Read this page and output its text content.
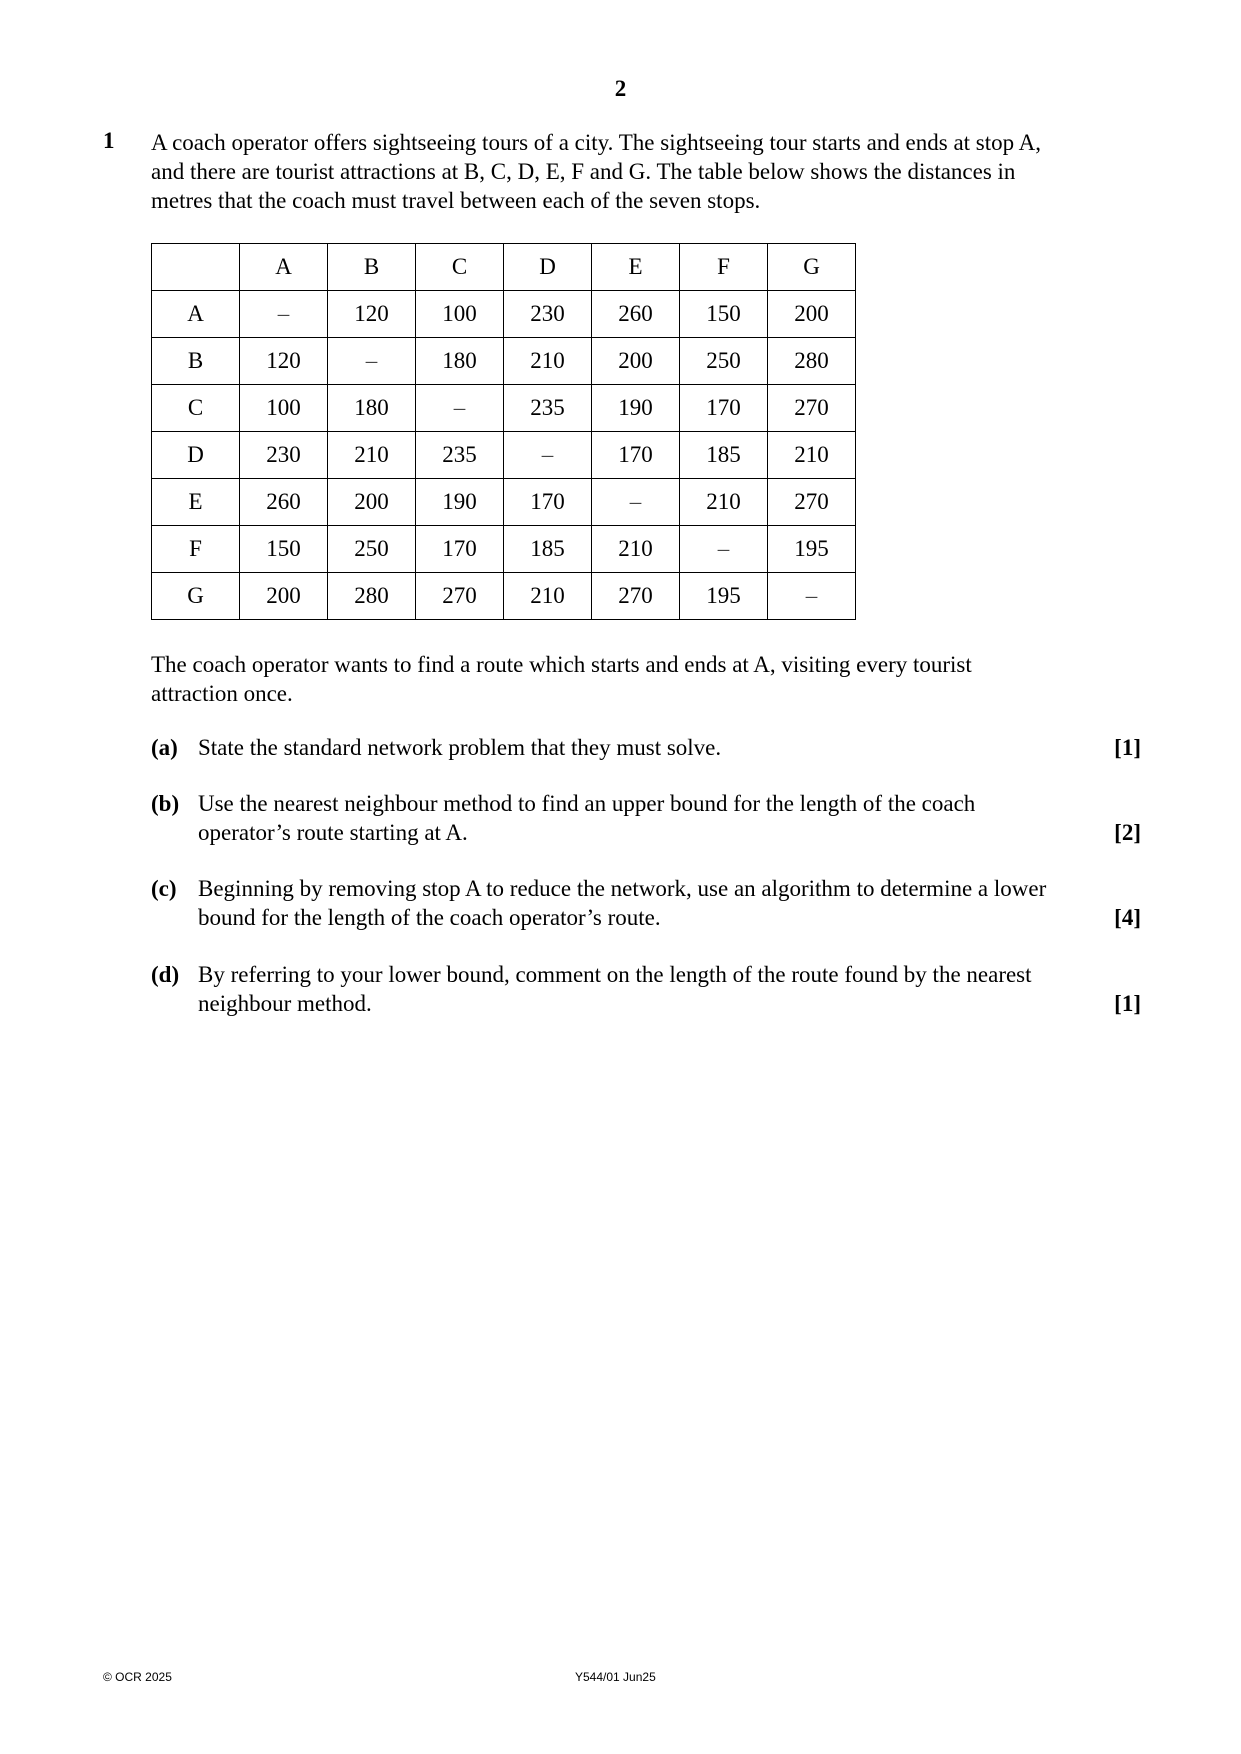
2
1 A coach operator offers sightseeing tours of a city. The sightseeing tour starts and ends at stop A,
and there are tourist attractions at B, C, D, E, F and G. The table below shows the distances in
metres that the coach must travel between each of the seven stops.
	A	B	C	D	E	F	G
A	–	120	100	230	260	150	200
B	120	–	180	210	200	250	280
C	100	180	–	235	190	170	270
D	230	210	235	–	170	185	210
E	260	200	190	170	–	210	270
F	150	250	170	185	210	–	195
G	200	280	270	210	270	195	–
The coach operator wants to find a route which starts and ends at A, visiting every tourist
attraction once.
(a) State the standard network problem that they must solve.	[1]
(b) Use the nearest neighbour method to find an upper bound for the length of the coach
operator’s route starting at A.	[2]
(c) Beginning by removing stop A to reduce the network, use an algorithm to determine a lower
bound for the length of the coach operator’s route.	[4]
(d) By referring to your lower bound, comment on the length of the route found by the nearest
neighbour method.	[1]
© OCR 2025	Y544/01 Jun25
